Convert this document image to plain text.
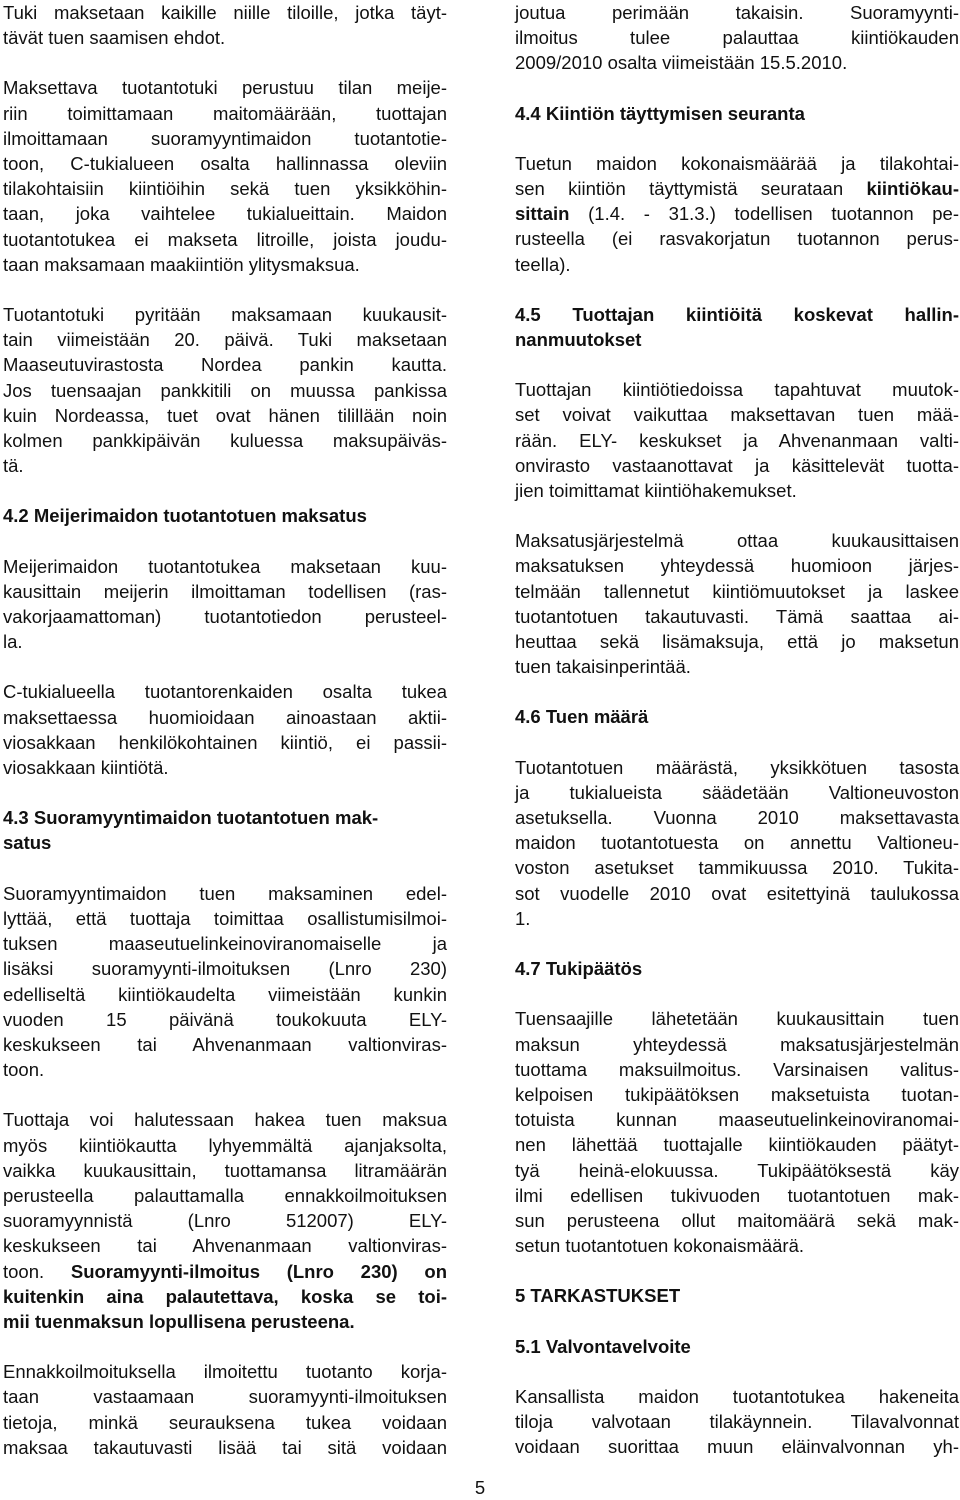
Tuki maksetaan kaikille niille tiloille, jotka täyt-
tävät tuen saamisen ehdot.

Maksettava tuotantotuki perustuu tilan meije-
riin toimittamaan maitomäärään, tuottajan
ilmoittamaan suoramyyntimaidon tuotantotie-
toon, C-tukialueen osalta hallinnassa oleviin
tilakohtaisiin kiintiöihin sekä tuen yksikköhin-
taan, joka vaihtelee tukialueittain. Maidon
tuotantotukea ei makseta litroille, joista joudu-
taan maksamaan maakiintiön ylitysmaksua.

Tuotantotuki pyritään maksamaan kuukausit-
tain viimeistään 20. päivä. Tuki maksetaan
Maaseutuvirastosta Nordea pankin kautta.
Jos tuensaajan pankkitili on muussa pankissa
kuin Nordeassa, tuet ovat hänen tilillään noin
kolmen pankkipäivän kuluessa maksupäiväs-
tä.

4.2 Meijerimaidon tuotantotuen maksatus

Meijerimaidon tuotantotukea maksetaan kuu-
kausittain meijerin ilmoittaman todellisen (ras-
vakorjaamattoman) tuotantotiedon perusteel-
la.

C-tukialueella tuotantorenkaiden osalta tukea
maksettaessa huomioidaan ainoastaan aktii-
viosakkaan henkilökohtainen kiintiö, ei passii-
viosakkaan kiintiötä.

4.3 Suoramyyntimaidon tuotantotuen mak-
satus

Suoramyyntimaidon tuen maksaminen edel-
lyttää, että tuottaja toimittaa osallistumisilmoi-
tuksen maaseutuelinkeinoviranomaiselle ja
lisäksi suoramyynti-ilmoituksen (Lnro 230)
edelliseltä kiintiökaudelta viimeistään kunkin
vuoden 15 päivänä toukokuuta ELY-
keskukseen tai Ahvenanmaan valtionviras-
toon.

Tuottaja voi halutessaan hakea tuen maksua
myös kiintiökautta lyhyemmältä ajanjaksolta,
vaikka kuukausittain, tuottamansa litramäärän
perusteella palauttamalla ennakkoilmoituksen
suoramyynnistä (Lnro 512007) ELY-
keskukseen tai Ahvenanmaan valtionviras-
toon. Suoramyynti-ilmoitus (Lnro 230) on
kuitenkin aina palautettava, koska se toi-
mii tuenmaksun lopullisena perusteena.

Ennakkoilmoituksella ilmoitettu tuotanto korja-
taan vastaamaan suoramyynti-ilmoituksen
tietoja, minkä seurauksena tukea voidaan
maksaa takautuvasti lisää tai sitä voidaan

joutua perimään takaisin. Suoramyynti-
ilmoitus tulee palauttaa kiintiökauden
2009/2010 osalta viimeistään 15.5.2010.

4.4 Kiintiön täyttymisen seuranta

Tuetun maidon kokonaismäärää ja tilakohtai-
sen kiintiön täyttymistä seurataan kiintiökau-
sittain (1.4. - 31.3.) todellisen tuotannon pe-
rusteella (ei rasvakorjatun tuotannon perus-
teella).

4.5 Tuottajan kiintiöitä koskevat hallin-
nanmuutokset

Tuottajan kiintiötiedoissa tapahtuvat muutok-
set voivat vaikuttaa maksettavan tuen mää-
rään. ELY- keskukset ja Ahvenanmaan valti-
onvirasto vastaanottavat ja käsittelevät tuotta-
jien toimittamat kiintiöhakemukset.

Maksatusjärjestelmä ottaa kuukausittaisen
maksatuksen yhteydessä huomioon järjes-
telmään tallennetut kiintiömuutokset ja laskee
tuotantotuen takautuvasti. Tämä saattaa ai-
heuttaa sekä lisämaksuja, että jo maksetun
tuen takaisinperintää.

4.6 Tuen määrä

Tuotantotuen määrästä, yksikkötuen tasosta
ja tukialueista säädetään Valtioneuvoston
asetuksella. Vuonna 2010 maksettavasta
maidon tuotantotuesta on annettu Valtioneu-
voston asetukset tammikuussa 2010. Tukita-
sot vuodelle 2010 ovat esitettyinä taulukossa
1.

4.7 Tukipäätös

Tuensaajille lähetetään kuukausittain tuen
maksun yhteydessä maksatusjärjestelmän
tuottama maksuilmoitus. Varsinaisen valitus-
kelpoisen tukipäätöksen maksetuista tuotan-
totuista kunnan maaseutuelinkeinoviranomai-
nen lähettää tuottajalle kiintiökauden päätyt-
tyä heinä-elokuussa. Tukipäätöksestä käy
ilmi edellisen tukivuoden tuotantotuen mak-
sun perusteena ollut maitomäärä sekä mak-
setun tuotantotuen kokonaismäärä.

5 TARKASTUKSET
5.1 Valvontavelvoite

Kansallista maidon tuotantotukea hakeneita
tiloja valvotaan tilakäynnein. Tilavalvonnat
voidaan suorittaa muun eläinvalvonnan yh-

5
